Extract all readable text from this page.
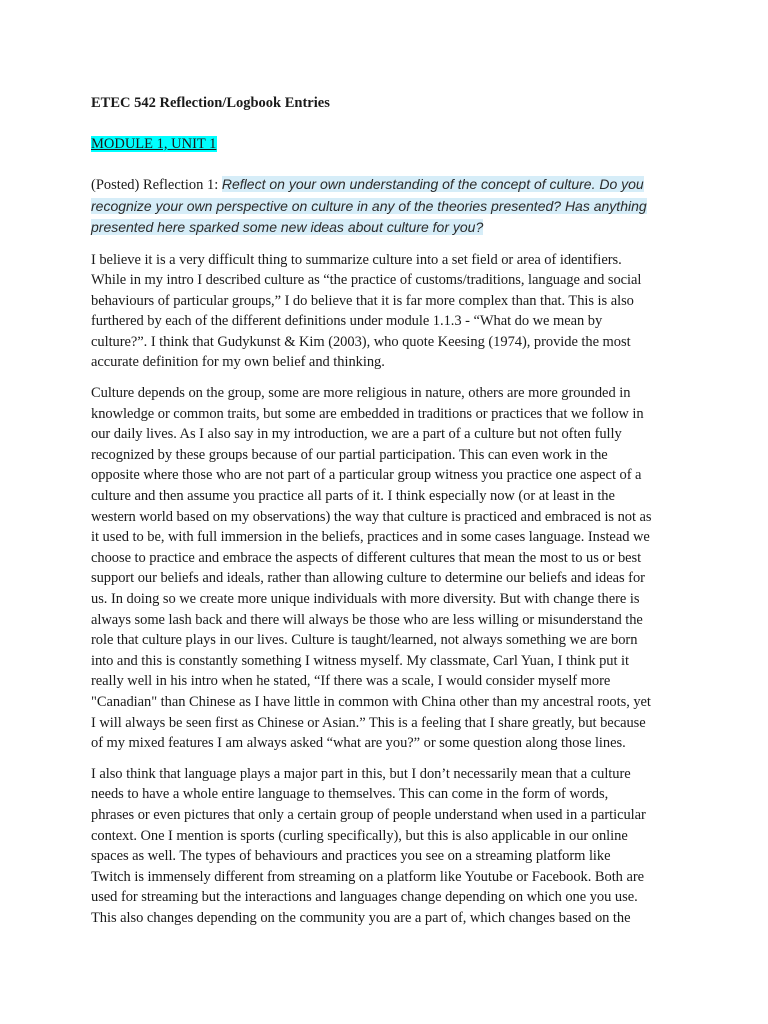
ETEC 542 Reflection/Logbook Entries
MODULE 1, UNIT 1
(Posted) Reflection 1: Reflect on your own understanding of the concept of culture. Do you
recognize your own perspective on culture in any of the theories presented? Has anything
presented here sparked some new ideas about culture for you?

I believe it is a very difficult thing to summarize culture into a set field or area of identifiers.
While in my intro I described culture as “the practice of customs/traditions, language and social
behaviours of particular groups,” I do believe that it is far more complex than that. This is also
furthered by each of the different definitions under module 1.1.3 - “What do we mean by
culture?”. I think that Gudykunst & Kim (2003), who quote Keesing (1974), provide the most
accurate definition for my own belief and thinking.

Culture depends on the group, some are more religious in nature, others are more grounded in
knowledge or common traits, but some are embedded in traditions or practices that we follow in
our daily lives. As I also say in my introduction, we are a part of a culture but not often fully
recognized by these groups because of our partial participation. This can even work in the
opposite where those who are not part of a particular group witness you practice one aspect of a
culture and then assume you practice all parts of it. I think especially now (or at least in the
western world based on my observations) the way that culture is practiced and embraced is not as
it used to be, with full immersion in the beliefs, practices and in some cases language. Instead we
choose to practice and embrace the aspects of different cultures that mean the most to us or best
support our beliefs and ideals, rather than allowing culture to determine our beliefs and ideas for
us. In doing so we create more unique individuals with more diversity. But with change there is
always some lash back and there will always be those who are less willing or misunderstand the
role that culture plays in our lives. Culture is taught/learned, not always something we are born
into and this is constantly something I witness myself. My classmate, Carl Yuan, I think put it
really well in his intro when he stated, “If there was a scale, I would consider myself more
"Canadian" than Chinese as I have little in common with China other than my ancestral roots, yet
I will always be seen first as Chinese or Asian.” This is a feeling that I share greatly, but because
of my mixed features I am always asked “what are you?” or some question along those lines.

I also think that language plays a major part in this, but I don’t necessarily mean that a culture
needs to have a whole entire language to themselves. This can come in the form of words,
phrases or even pictures that only a certain group of people understand when used in a particular
context. One I mention is sports (curling specifically), but this is also applicable in our online
spaces as well. The types of behaviours and practices you see on a streaming platform like
Twitch is immensely different from streaming on a platform like Youtube or Facebook. Both are
used for streaming but the interactions and languages change depending on which one you use.
This also changes depending on the community you are a part of, which changes based on the
